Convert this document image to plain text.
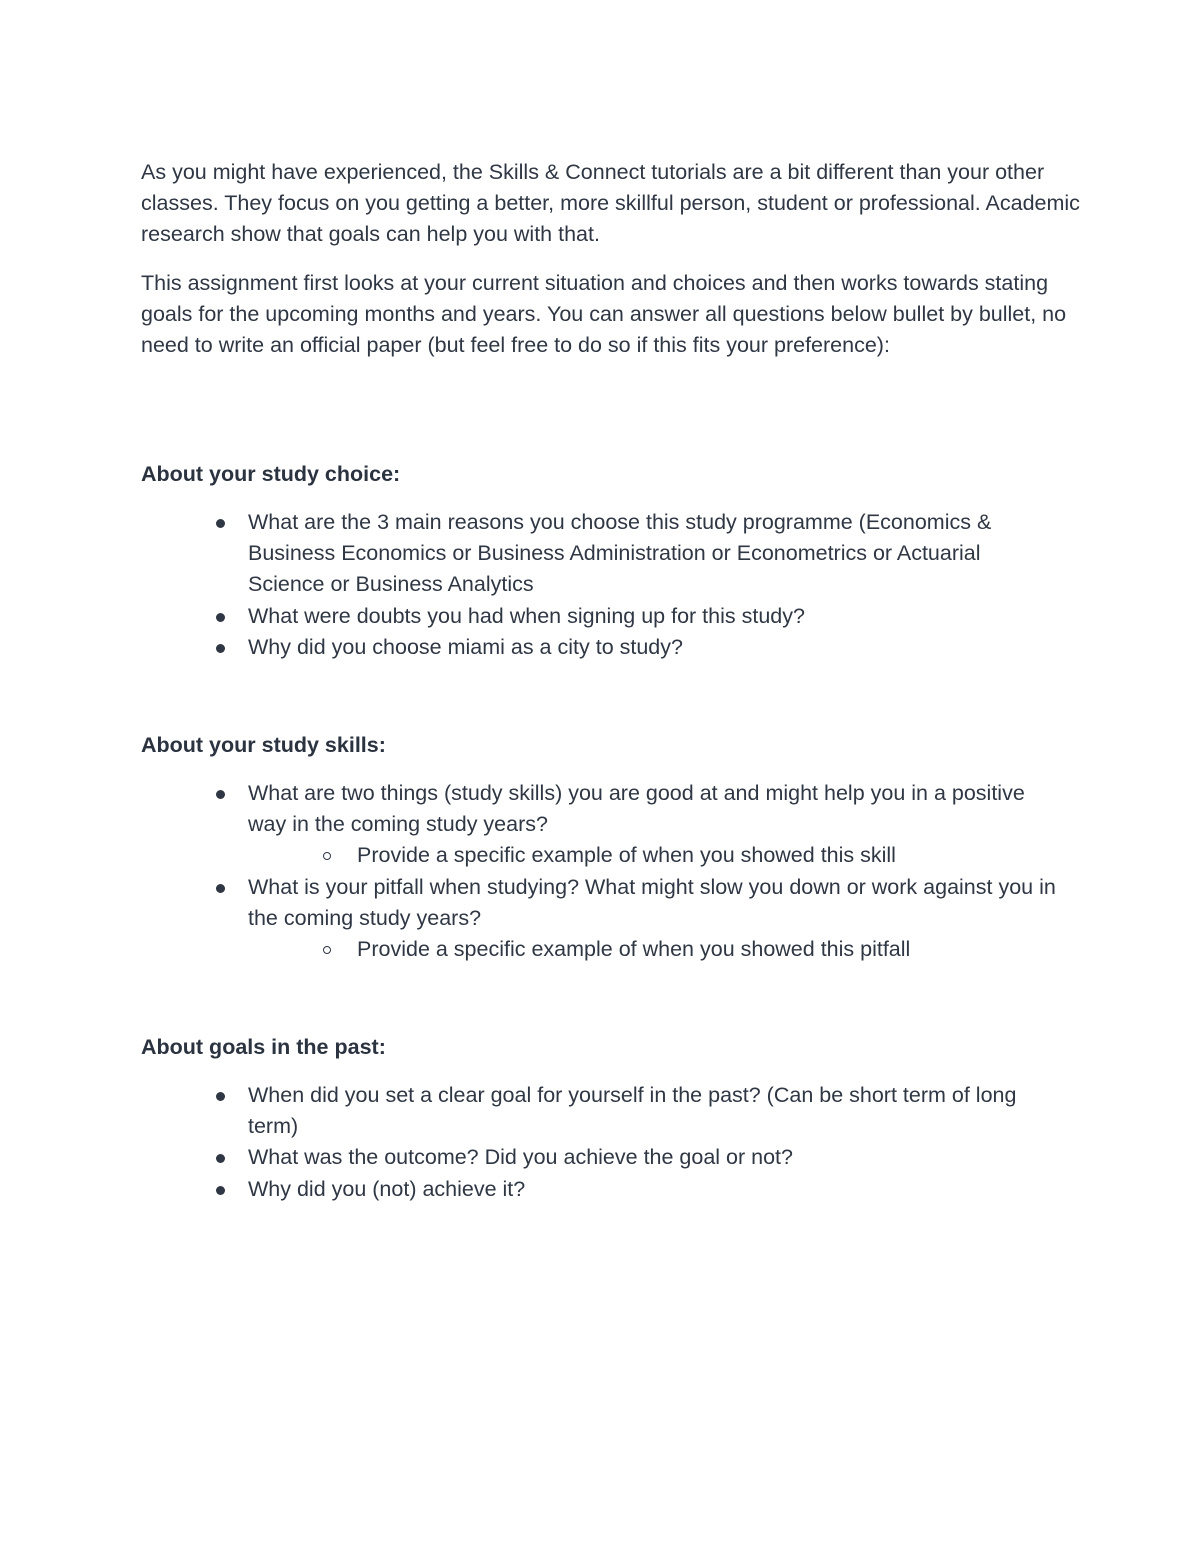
As you might have experienced, the Skills & Connect tutorials are a bit different than your other classes. They focus on you getting a better, more skillful person, student or professional. Academic research show that goals can help you with that.

This assignment first looks at your current situation and choices and then works towards stating goals for the upcoming months and years. You can answer all questions below bullet by bullet, no need to write an official paper (but feel free to do so if this fits your preference):

About your study choice:
What are the 3 main reasons you choose this study programme (Economics & Business Economics or Business Administration or Econometrics or Actuarial Science or Business Analytics
What were doubts you had when signing up for this study?
Why did you choose miami as a city to study?
About your study skills:
What are two things (study skills) you are good at and might help you in a positive way in the coming study years?
Provide a specific example of when you showed this skill
What is your pitfall when studying? What might slow you down or work against you in the coming study years?
Provide a specific example of when you showed this pitfall
About goals in the past:
When did you set a clear goal for yourself in the past? (Can be short term of long term)
What was the outcome? Did you achieve the goal or not?
Why did you (not) achieve it?
